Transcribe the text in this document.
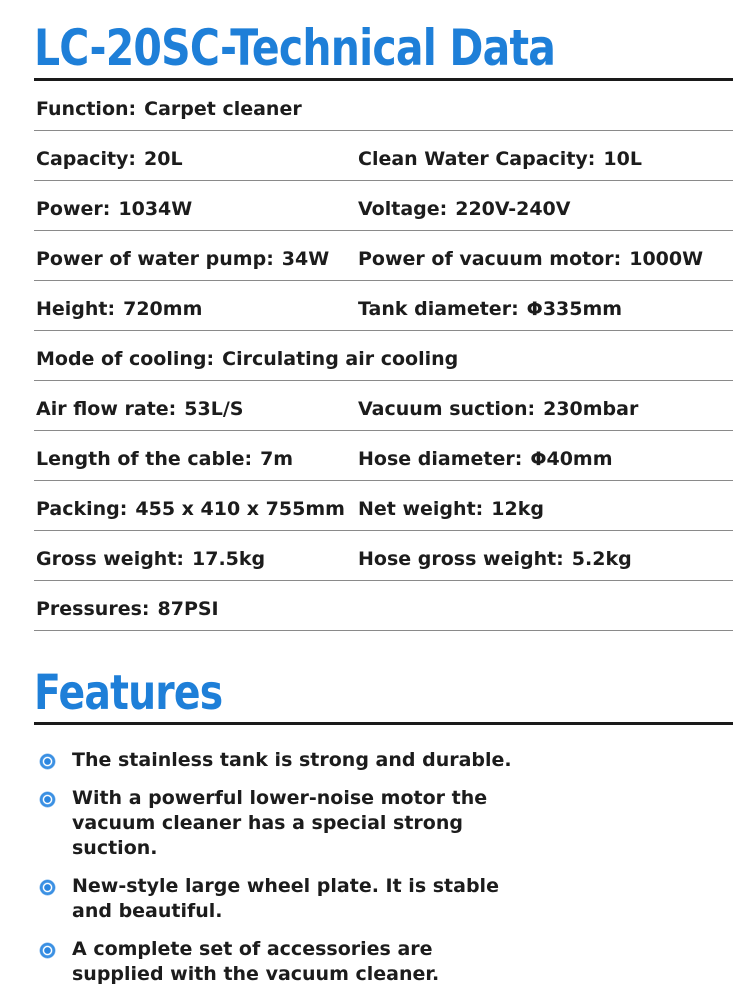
LC-20SC-Technical Data
Function: Carpet cleaner
Capacity: 20L	Clean Water Capacity: 10L
Power: 1034W	Voltage: 220V-240V
Power of water pump: 34W Power of vacuum motor: 1000W
Height: 720mm	Tank diameter: Φ335mm
Mode of cooling: Circulating air cooling
Air flow rate: 53L/S	Vacuum suction: 230mbar
Length of the cable: 7m	Hose diameter: Φ40mm
Packing: 455 x 410 x 755mm Net weight: 12kg
Gross weight: 17.5kg	Hose gross weight: 5.2kg
Pressures: 87PSI
Features
The stainless tank is strong and durable.
With a powerful lower-noise motor the vacuum cleaner has a special strong suction.
New-style large wheel plate. It is stable and beautiful.
A complete set of accessories are supplied with the vacuum cleaner.
